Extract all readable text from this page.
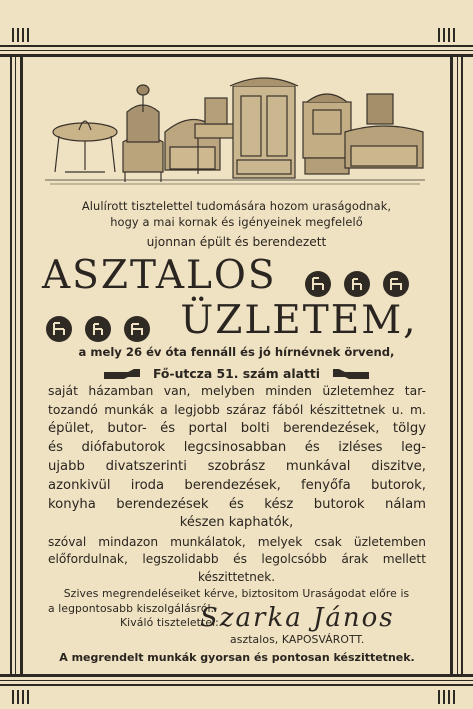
Alulírott tisztelettel tudomására hozom uraságodnak,
hogy a mai kornak és igényeinek megfelelő
ujonnan épült és berendezett
ASZTALOS

ÜZLETEM,
a mely 26 év óta fennáll és jó hírnévnek örvend,
Fő-utcza 51. szám alatti
saját házamban van, melyben minden üzletemhez tar-
tozandó munkák a legjobb száraz fából készittetnek u. m.
épület, butor- és portal bolti berendezések, tölgy
és diófabutorok legcsinosabban és izléses leg-
ujabb divatszerinti szobrász munkával diszitve,
azonkivül iroda berendezések, fenyőfa butorok,
konyha berendezések és kész butorok nálam
készen kaphatók,
szóval mindazon munkálatok, melyek csak üzletemben
előfordulnak, legszolidabb és legolcsóbb árak mellett
készittetnek.
Szives megrendeléseiket kérve, biztositom Uraságodat előre is
a legpontosabb kiszolgálásról.
Kiváló tisztelettel:
Szarka János
asztalos, KAPOSVÁROTT.
A megrendelt munkák gyorsan és pontosan készittetnek.
